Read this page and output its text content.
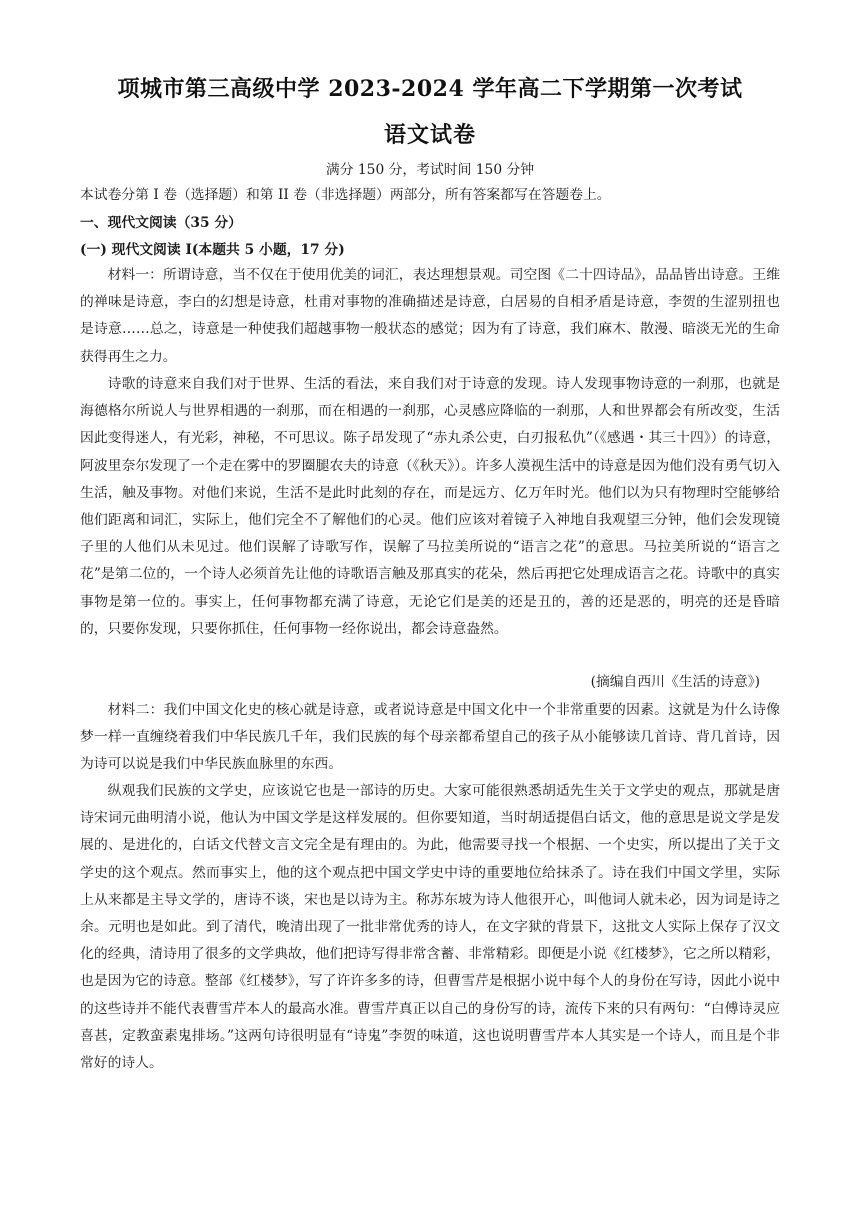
项城市第三高级中学 2023-2024 学年高二下学期第一次考试
语文试卷
满分 150 分，考试时间 150 分钟
本试卷分第 I 卷（选择题）和第 II 卷（非选择题）两部分，所有答案都写在答题卷上。
一、现代文阅读（35 分）
(一) 现代文阅读 I(本题共 5 小题，17 分)

材料一：所谓诗意，当不仅在于使用优美的词汇，表达理想景观。司空图《二十四诗品》，品品皆出诗意。王维的禅味是诗意，李白的幻想是诗意，杜甫对事物的准确描述是诗意，白居易的自相矛盾是诗意，李贺的生涩别扭也是诗意……总之，诗意是一种使我们超越事物一般状态的感觉；因为有了诗意，我们麻木、散漫、暗淡无光的生命获得再生之力。

诗歌的诗意来自我们对于世界、生活的看法，来自我们对于诗意的发现。诗人发现事物诗意的一刹那，也就是海德格尔所说人与世界相遇的一刹那，而在相遇的一刹那，心灵感应降临的一刹那，人和世界都会有所改变，生活因此变得迷人，有光彩，神秘，不可思议。陈子昂发现了“赤丸杀公吏，白刃报私仇”（《感遇・其三十四》）的诗意，阿波里奈尔发现了一个走在雾中的罗圈腿农夫的诗意（《秋天》）。许多人漠视生活中的诗意是因为他们没有勇气切入生活，触及事物。对他们来说，生活不是此时此刻的存在，而是远方、亿万年时光。他们以为只有物理时空能够给他们距离和词汇，实际上，他们完全不了解他们的心灵。他们应该对着镜子入神地自我观望三分钟，他们会发现镜子里的人他们从未见过。他们误解了诗歌写作，误解了马拉美所说的“语言之花”的意思。马拉美所说的“语言之花”是第二位的，一个诗人必须首先让他的诗歌语言触及那真实的花朵，然后再把它处理成语言之花。诗歌中的真实事物是第一位的。事实上，任何事物都充满了诗意，无论它们是美的还是丑的，善的还是恶的，明亮的还是昏暗的，只要你发现，只要你抓住，任何事物一经你说出，都会诗意盎然。

(摘编自西川《生活的诗意》)

材料二：我们中国文化史的核心就是诗意，或者说诗意是中国文化中一个非常重要的因素。这就是为什么诗像梦一样一直缠绕着我们中华民族几千年，我们民族的每个母亲都希望自己的孩子从小能够读几首诗、背几首诗，因为诗可以说是我们中华民族血脉里的东西。

纵观我们民族的文学史，应该说它也是一部诗的历史。大家可能很熟悉胡适先生关于文学史的观点，那就是唐诗宋词元曲明清小说，他认为中国文学是这样发展的。但你要知道，当时胡适提倡白话文，他的意思是说文学是发展的、是进化的，白话文代替文言文完全是有理由的。为此，他需要寻找一个根据、一个史实，所以提出了关于文学史的这个观点。然而事实上，他的这个观点把中国文学史中诗的重要地位给抹杀了。诗在我们中国文学里，实际上从来都是主导文学的，唐诗不谈，宋也是以诗为主。称苏东坡为诗人他很开心，叫他词人就未必，因为词是诗之余。元明也是如此。到了清代，晚清出现了一批非常优秀的诗人，在文字狱的背景下，这批文人实际上保存了汉文化的经典，清诗用了很多的文学典故，他们把诗写得非常含蓄、非常精彩。即便是小说《红楼梦》，它之所以精彩，也是因为它的诗意。整部《红楼梦》，写了许许多多的诗，但曹雪芹是根据小说中每个人的身份在写诗，因此小说中的这些诗并不能代表曹雪芹本人的最高水准。曹雪芹真正以自己的身份写的诗，流传下来的只有两句：“白傅诗灵应喜甚，定教蛮素鬼排场。”这两句诗很明显有“诗鬼”李贺的味道，这也说明曹雪芹本人其实是一个诗人，而且是个非常好的诗人。
